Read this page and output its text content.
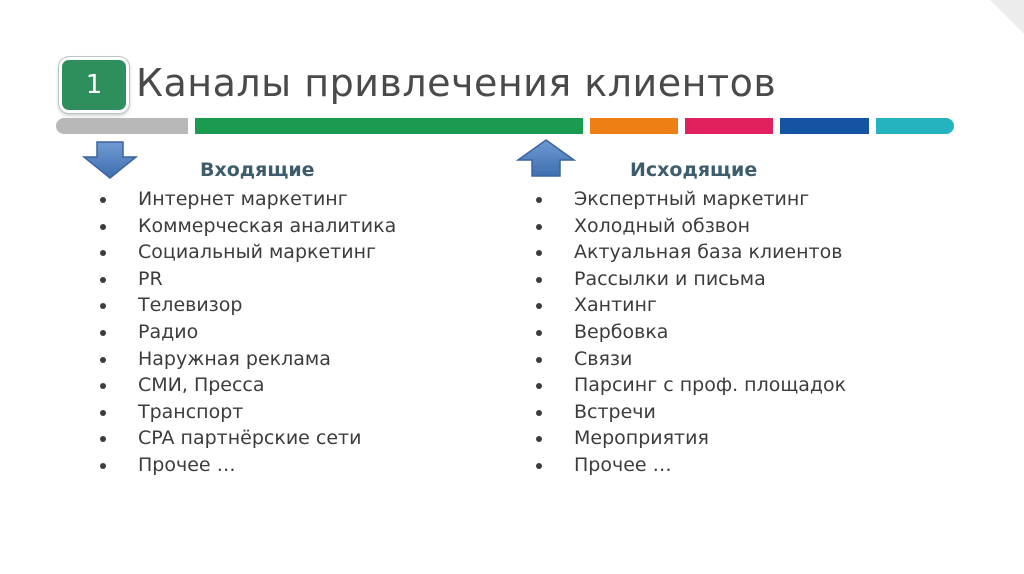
1 Каналы привлечения клиентов
Входящие
Интернет маркетинг
Коммерческая аналитика
Социальный маркетинг
PR
Телевизор
Радио
Наружная реклама
СМИ, Пресса
Транспорт
CPA партнёрские сети
Прочее …
Исходящие
Экспертный маркетинг
Холодный обзвон
Актуальная база клиентов
Рассылки и письма
Хантинг
Вербовка
Связи
Парсинг с проф. площадок
Встречи
Мероприятия
Прочее …
